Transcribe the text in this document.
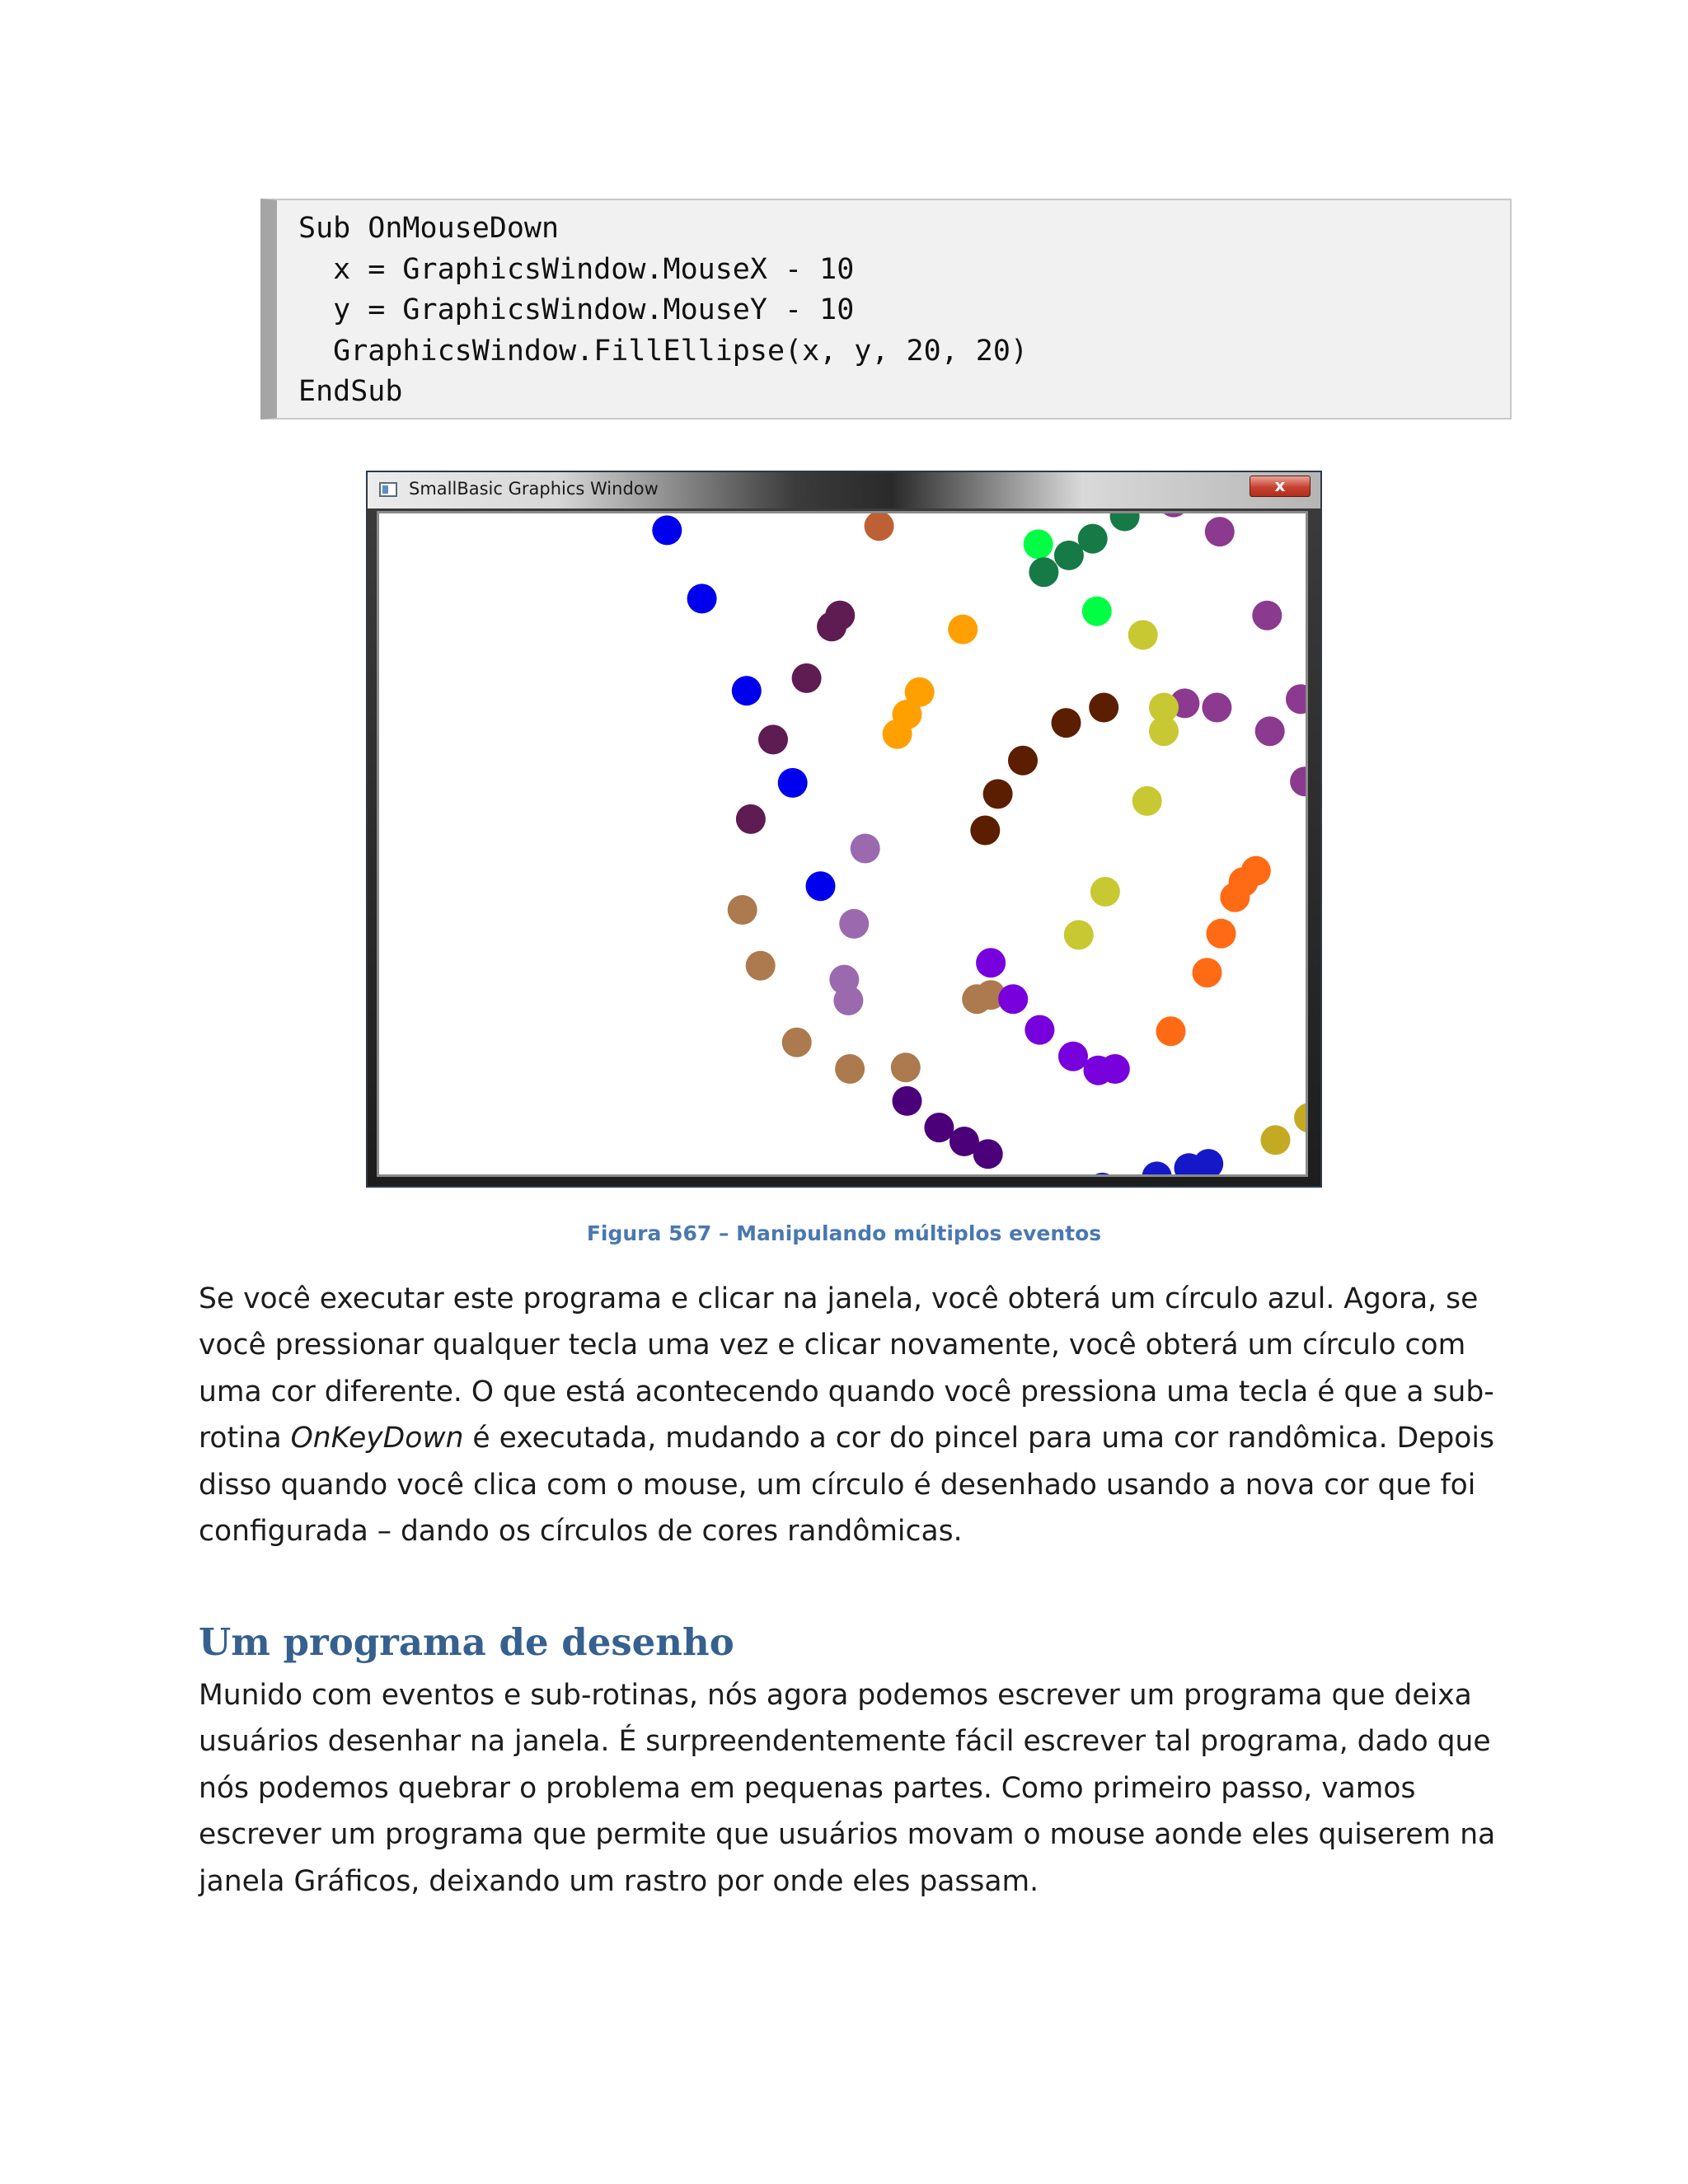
Sub OnMouseDown
x = GraphicsWindow.MouseX - 10
y = GraphicsWindow.MouseY - 10
GraphicsWindow.FillEllipse(x, y, 20, 20)
EndSub
SmallBasic Graphics Window	x
Figura 567 – Manipulando múltiplos eventos
Se você executar este programa e clicar na janela, você obterá um círculo azul. Agora, se você pressionar qualquer tecla uma vez e clicar novamente, você obterá um círculo com uma cor diferente. O que está acontecendo quando você pressiona uma tecla é que a sub-rotina OnKeyDown é executada, mudando a cor do pincel para uma cor randômica. Depois disso quando você clica com o mouse, um círculo é desenhado usando a nova cor que foi configurada – dando os círculos de cores randômicas.
Um programa de desenho
Munido com eventos e sub-rotinas, nós agora podemos escrever um programa que deixa usuários desenhar na janela. É surpreendentemente fácil escrever tal programa, dado que nós podemos quebrar o problema em pequenas partes. Como primeiro passo, vamos escrever um programa que permite que usuários movam o mouse aonde eles quiserem na janela Gráficos, deixando um rastro por onde eles passam.
